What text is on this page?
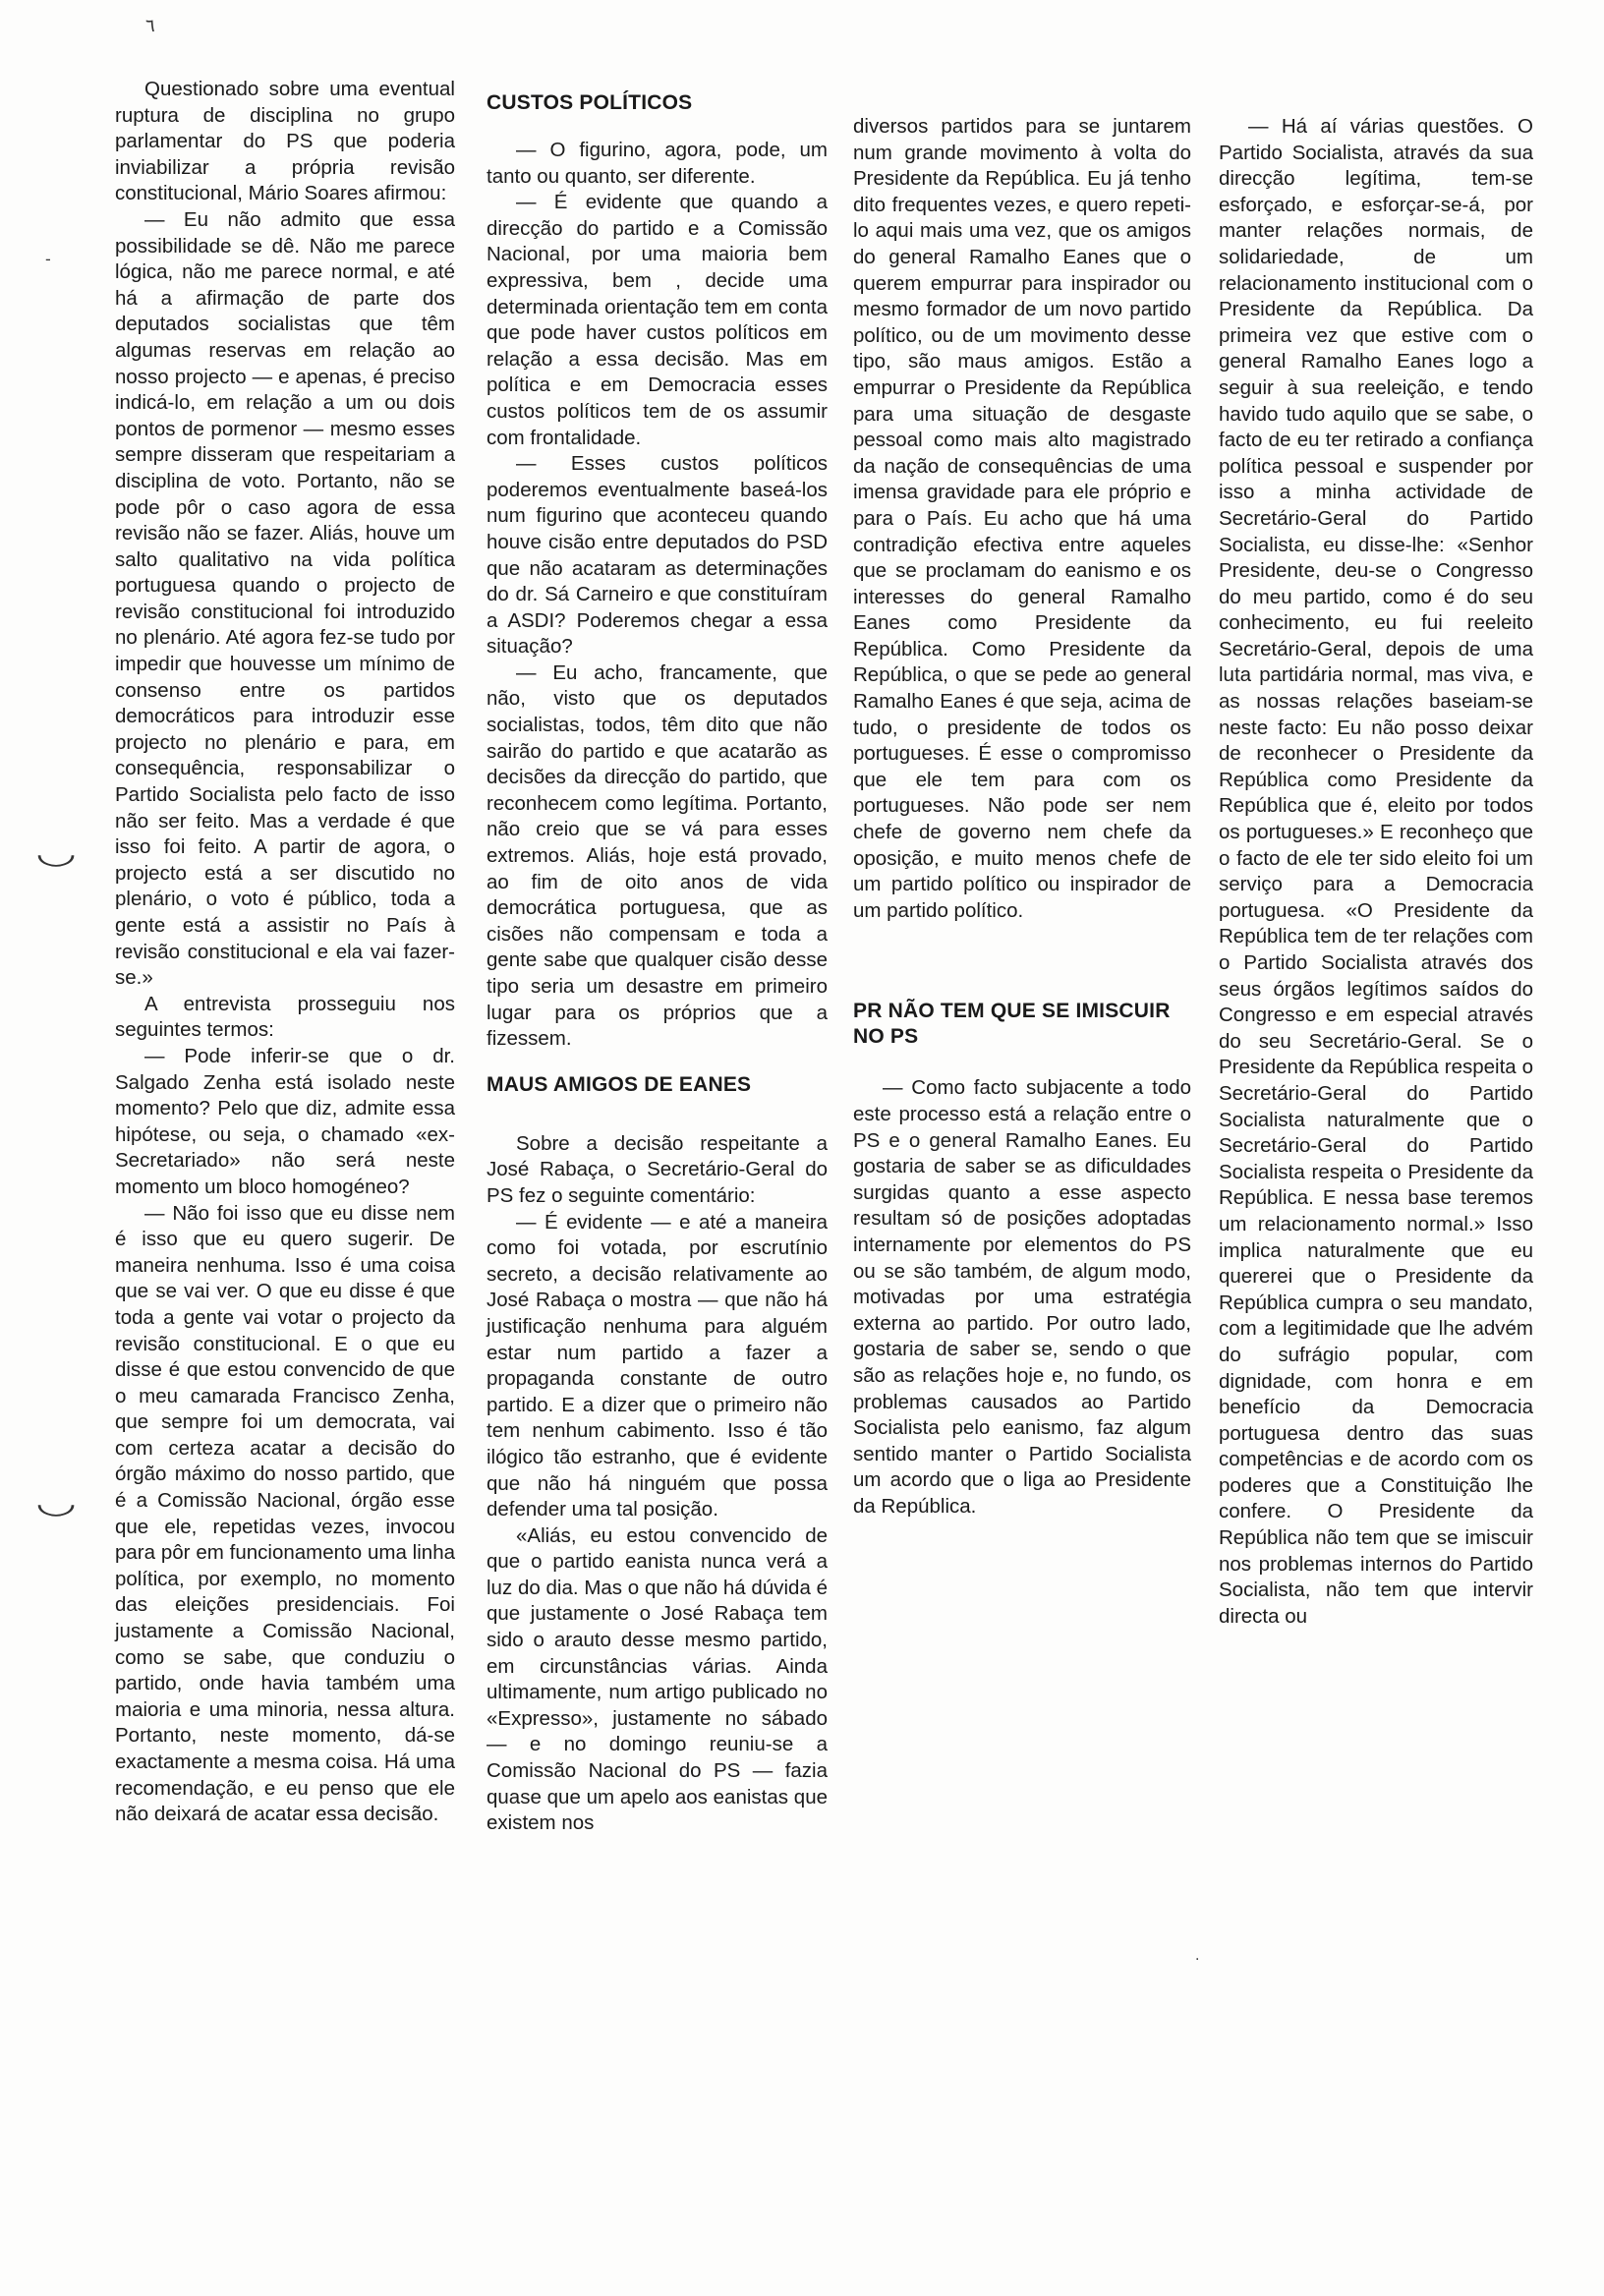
٦
-
◡
◡
·

Questionado sobre uma eventual ruptura de disciplina no grupo parlamentar do PS que poderia inviabilizar a própria revisão constitucional, Mário Soares afirmou:

— Eu não admito que essa possibilidade se dê. Não me parece lógica, não me parece normal, e até há a afirmação de parte dos deputados socialistas que têm algumas reservas em relação ao nosso projecto — e apenas, é preciso indicá-lo, em relação a um ou dois pontos de pormenor — mesmo esses sempre disseram que respeitariam a disciplina de voto. Portanto, não se pode pôr o caso agora de essa revisão não se fazer. Aliás, houve um salto qualitativo na vida política portuguesa quando o projecto de revisão constitucional foi introduzido no plenário. Até agora fez-se tudo por impedir que houvesse um mínimo de consenso entre os partidos democráticos para introduzir esse projecto no plenário e para, em consequência, responsabilizar o Partido Socialista pelo facto de isso não ser feito. Mas a verdade é que isso foi feito. A partir de agora, o projecto está a ser discutido no plenário, o voto é público, toda a gente está a assistir no País à revisão constitucional e ela vai fazer-se.»

A entrevista prosseguiu nos seguintes termos:

— Pode inferir-se que o dr. Salgado Zenha está isolado neste momento? Pelo que diz, admite essa hipótese, ou seja, o chamado «ex-Secretariado» não será neste momento um bloco homogéneo?

— Não foi isso que eu disse nem é isso que eu quero sugerir. De maneira nenhuma. Isso é uma coisa que se vai ver. O que eu disse é que toda a gente vai votar o projecto da revisão constitucional. E o que eu disse é que estou convencido de que o meu camarada Francisco Zenha, que sempre foi um democrata, vai com certeza acatar a decisão do órgão máximo do nosso partido, que é a Comissão Nacional, órgão esse que ele, repetidas vezes, invocou para pôr em funcionamento uma linha política, por exemplo, no momento das eleições presidenciais. Foi justamente a Comissão Nacional, como se sabe, que conduziu o partido, onde havia também uma maioria e uma minoria, nessa altura. Portanto, neste momento, dá-se exactamente a mesma coisa. Há uma recomendação, e eu penso que ele não deixará de acatar essa decisão.

CUSTOS POLÍTICOS

— O figurino, agora, pode, um tanto ou quanto, ser diferente.

— É evidente que quando a direcção do partido e a Comissão Nacional, por uma maioria bem expressiva, bem , decide uma determinada orientação tem em conta que pode haver custos políticos em relação a essa decisão. Mas em política e em Democracia esses custos políticos tem de os assumir com frontalidade.

— Esses custos políticos poderemos eventualmente baseá-los num figurino que aconteceu quando houve cisão entre deputados do PSD que não acataram as determinações do dr. Sá Carneiro e que constituíram a ASDI? Poderemos chegar a essa situação?

— Eu acho, francamente, que não, visto que os deputados socialistas, todos, têm dito que não sairão do partido e que acatarão as decisões da direcção do partido, que reconhecem como legítima. Portanto, não creio que se vá para esses extremos. Aliás, hoje está provado, ao fim de oito anos de vida democrática portuguesa, que as cisões não compensam e toda a gente sabe que qualquer cisão desse tipo seria um desastre em primeiro lugar para os próprios que a fizessem.

MAUS AMIGOS DE EANES

Sobre a decisão respeitante a José Rabaça, o Secretário-Geral do PS fez o seguinte comentário:

— É evidente — e até a maneira como foi votada, por escrutínio secreto, a decisão relativamente ao José Rabaça o mostra — que não há justificação nenhuma para alguém estar num partido a fazer a propaganda constante de outro partido. E a dizer que o primeiro não tem nenhum cabimento. Isso é tão ilógico tão estranho, que é evidente que não há ninguém que possa defender uma tal posição.

«Aliás, eu estou convencido de que o partido eanista nunca verá a luz do dia. Mas o que não há dúvida é que justamente o José Rabaça tem sido o arauto desse mesmo partido, em circunstâncias várias. Ainda ultimamente, num artigo publicado no «Expresso», justamente no sábado — e no domingo reuniu-se a Comissão Nacional do PS — fazia quase que um apelo aos eanistas que existem nos

diversos partidos para se juntarem num grande movimento à volta do Presidente da República. Eu já tenho dito frequentes vezes, e quero repeti-lo aqui mais uma vez, que os amigos do general Ramalho Eanes que o querem empurrar para inspirador ou mesmo formador de um novo partido político, ou de um movimento desse tipo, são maus amigos. Estão a empurrar o Presidente da República para uma situação de desgaste pessoal como mais alto magistrado da nação de consequências de uma imensa gravidade para ele próprio e para o País. Eu acho que há uma contradição efectiva entre aqueles que se proclamam do eanismo e os interesses do general Ramalho Eanes como Presidente da República. Como Presidente da República, o que se pede ao general Ramalho Eanes é que seja, acima de tudo, o presidente de todos os portugueses. É esse o compromisso que ele tem para com os portugueses. Não pode ser nem chefe de governo nem chefe da oposição, e muito menos chefe de um partido político ou inspirador de um partido político.

PR NÃO TEM QUE SE IMISCUIR NO PS

— Como facto subjacente a todo este processo está a relação entre o PS e o general Ramalho Eanes. Eu gostaria de saber se as dificuldades surgidas quanto a esse aspecto resultam só de posições adoptadas internamente por elementos do PS ou se são também, de algum modo, motivadas por uma estratégia externa ao partido. Por outro lado, gostaria de saber se, sendo o que são as relações hoje e, no fundo, os problemas causados ao Partido Socialista pelo eanismo, faz algum sentido manter o Partido Socialista um acordo que o liga ao Presidente da República.

— Há aí várias questões. O Partido Socialista, através da sua direcção legítima, tem-se esforçado, e esforçar-se-á, por manter relações normais, de solidariedade, de um relacionamento institucional com o Presidente da República. Da primeira vez que estive com o general Ramalho Eanes logo a seguir à sua reeleição, e tendo havido tudo aquilo que se sabe, o facto de eu ter retirado a confiança política pessoal e suspender por isso a minha actividade de Secretário-Geral do Partido Socialista, eu disse-lhe: «Senhor Presidente, deu-se o Congresso do meu partido, como é do seu conhecimento, eu fui reeleito Secretário-Geral, depois de uma luta partidária normal, mas viva, e as nossas relações baseiam-se neste facto: Eu não posso deixar de reconhecer o Presidente da República como Presidente da República que é, eleito por todos os portugueses.» E reconheço que o facto de ele ter sido eleito foi um serviço para a Democracia portuguesa. «O Presidente da República tem de ter relações com o Partido Socialista através dos seus órgãos legítimos saídos do Congresso e em especial através do seu Secretário-Geral. Se o Presidente da República respeita o Secretário-Geral do Partido Socialista naturalmente que o Secretário-Geral do Partido Socialista respeita o Presidente da República. E nessa base teremos um relacionamento normal.» Isso implica naturalmente que eu quererei que o Presidente da República cumpra o seu mandato, com a legitimidade que lhe advém do sufrágio popular, com dignidade, com honra e em benefício da Democracia portuguesa dentro das suas competências e de acordo com os poderes que a Constituição lhe confere. O Presidente da República não tem que se imiscuir nos problemas internos do Partido Socialista, não tem que intervir directa ou
